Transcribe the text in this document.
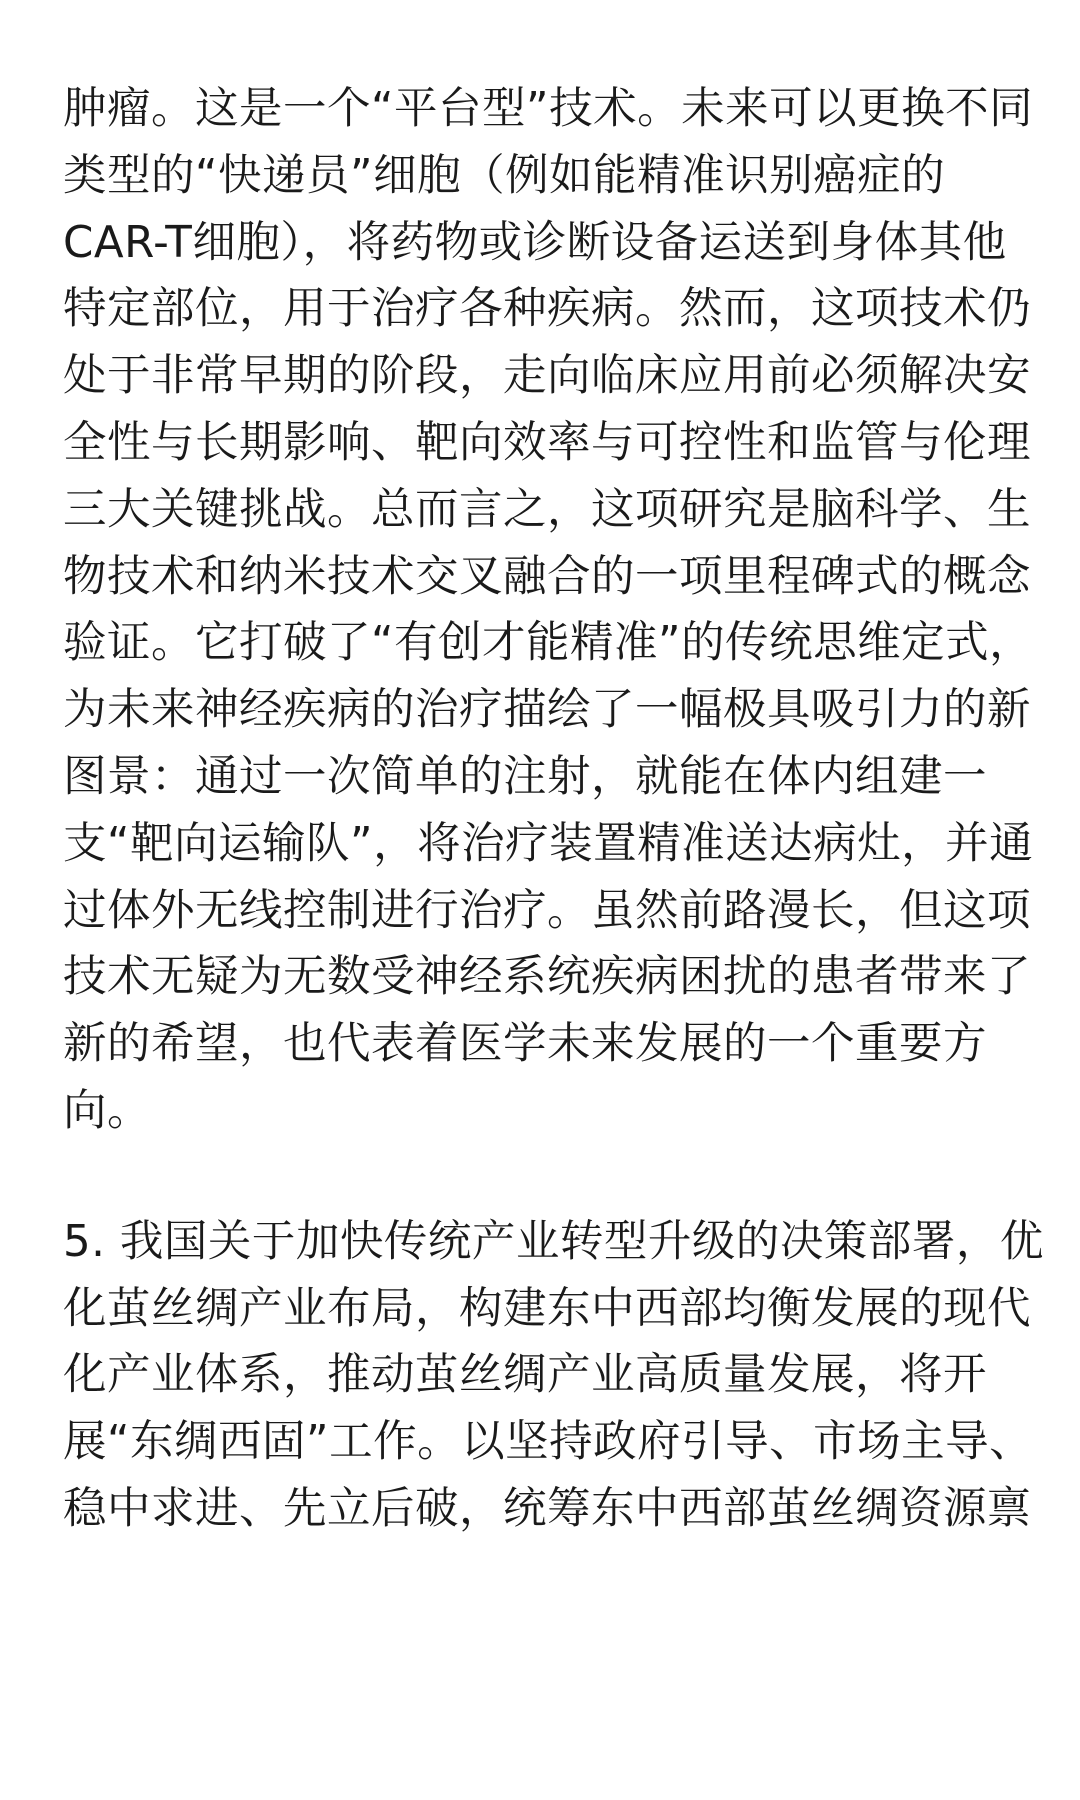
肿瘤。这是一个“平台型”技术。未来可以更换不同
类型的“快递员”细胞（例如能精准识别癌症的
CAR-T细胞），将药物或诊断设备运送到身体其他
特定部位，用于治疗各种疾病。然而，这项技术仍
处于非常早期的阶段，走向临床应用前必须解决安
全性与长期影响、靶向效率与可控性和监管与伦理
三大关键挑战。总而言之，这项研究是脑科学、生
物技术和纳米技术交叉融合的一项里程碑式的概念
验证。它打破了“有创才能精准”的传统思维定式，
为未来神经疾病的治疗描绘了一幅极具吸引力的新
图景：通过一次简单的注射，就能在体内组建一
支“靶向运输队”，将治疗装置精准送达病灶，并通
过体外无线控制进行治疗。虽然前路漫长，但这项
技术无疑为无数受神经系统疾病困扰的患者带来了
新的希望，也代表着医学未来发展的一个重要方
向。
5. 我国关于加快传统产业转型升级的决策部署，优
化茧丝绸产业布局，构建东中西部均衡发展的现代
化产业体系，推动茧丝绸产业高质量发展，将开
展“东绸西固”工作。以坚持政府引导、市场主导、
稳中求进、先立后破，统筹东中西部茧丝绸资源禀
